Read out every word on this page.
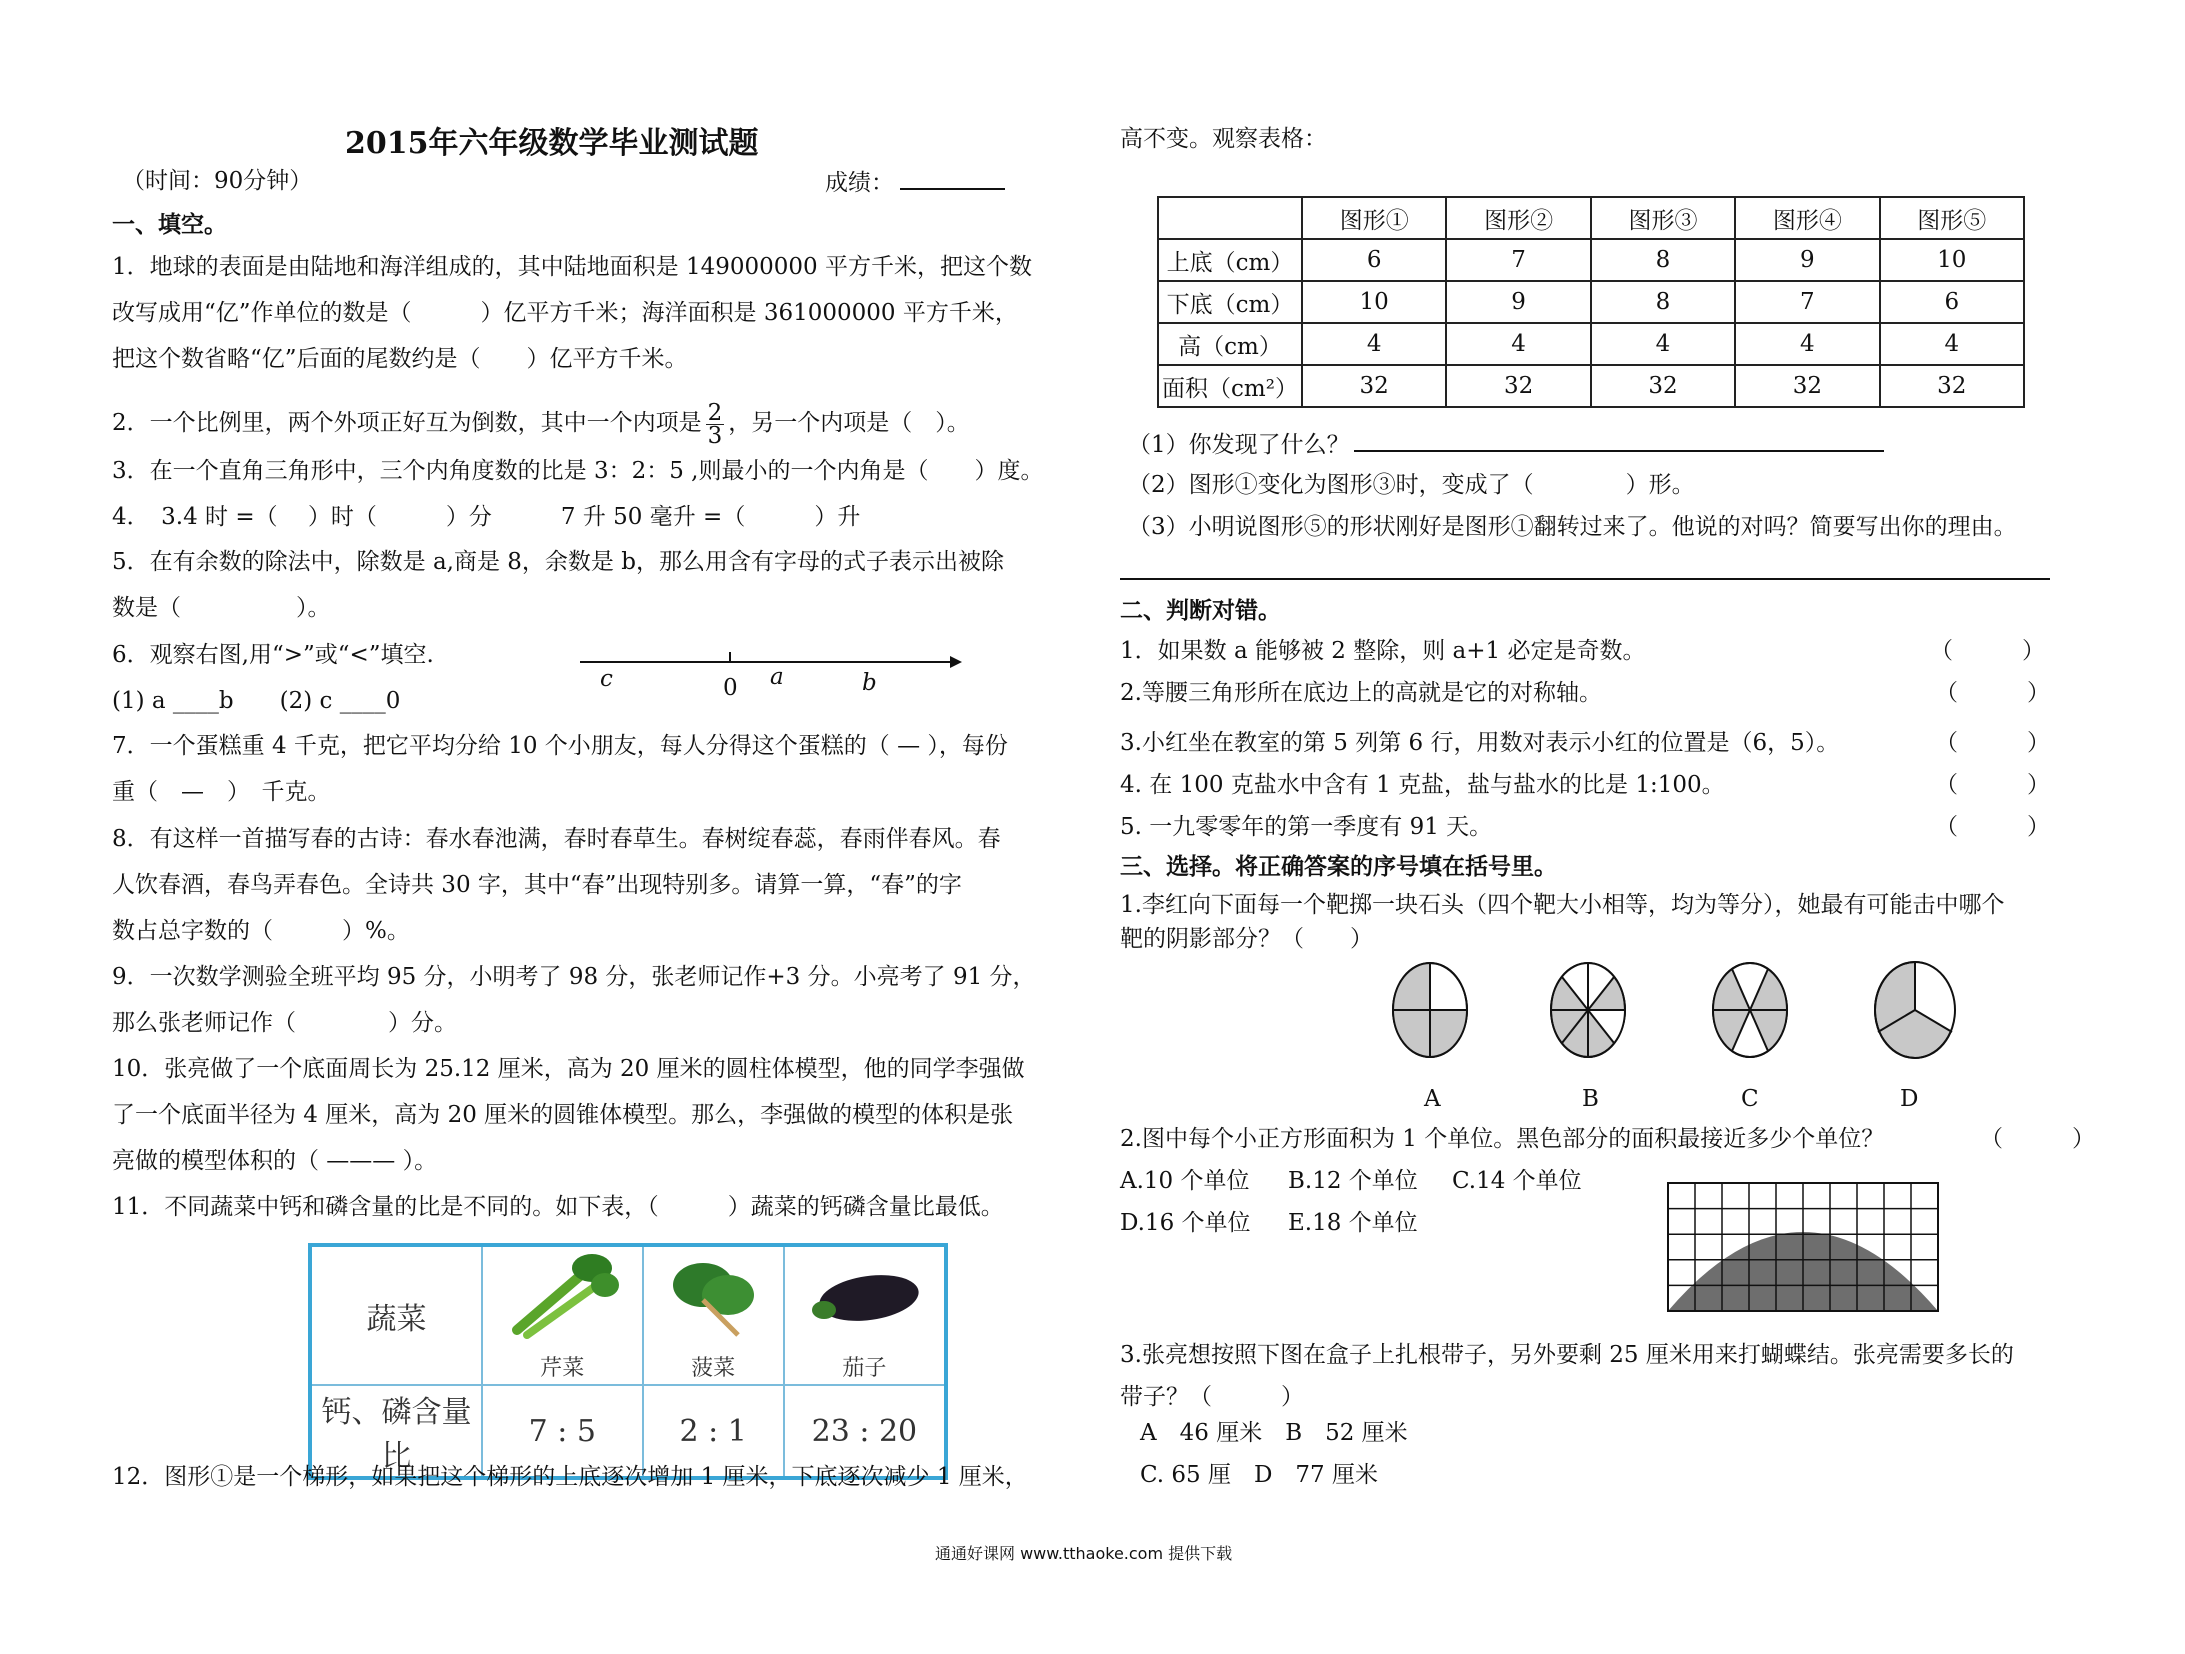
2015年六年级数学毕业测试题
（时间：90分钟）	成绩：
一、填空。
1．地球的表面是由陆地和海洋组成的，其中陆地面积是 149000000 平方千米，把这个数
改写成用“亿”作单位的数是（　　　）亿平方千米；海洋面积是 361000000 平方千米，
把这个数省略“亿”后面的尾数约是（　　）亿平方千米。
2．一个比例里，两个外项正好互为倒数，其中一个内项是 $\frac{2}{3}$ ，另一个内项是（　）。
3．在一个直角三角形中，三个内角度数的比是 3：2：5 ,则最小的一个内角是（　　）度。
4．　3.4 时 =（　 ）时（　　　）分　　　7 升 50 毫升 =（　　　）升
5．在有余数的除法中，除数是 a,商是 8，余数是 b，那么用含有字母的式子表示出被除
数是（　　　　　）。
6．观察右图,用“>”或“<”填空.
(1) a ____b　　(2) c ____0
c	0 a	b
7．一个蛋糕重 4 千克，把它平均分给 10 个小朋友，每人分得这个蛋糕的（ — ），每份
重（　—　）　千克。
8．有这样一首描写春的古诗：春水春池满，春时春草生。春树绽春蕊，春雨伴春风。春
人饮春酒，春鸟弄春色。全诗共 30 字，其中“春”出现特别多。请算一算，“春”的字
数占总字数的（　　　）%。
9．一次数学测验全班平均 95 分，小明考了 98 分，张老师记作+3 分。小亮考了 91 分，
那么张老师记作（　　　　）分。
10．张亮做了一个底面周长为 25.12 厘米，高为 20 厘米的圆柱体模型，他的同学李强做
了一个底面半径为 4 厘米，高为 20 厘米的圆锥体模型。那么，李强做的模型的体积是张
亮做的模型体积的（ ——— ）。
11．不同蔬菜中钙和磷含量的比是不同的。如下表，（　　　）蔬菜的钙磷含量比最低。
蔬菜	芹菜	菠菜	茄子
钙、磷含量比	7 : 5	2 : 1	23 : 20
12．图形①是一个梯形，如果把这个梯形的上底逐次增加 1 厘米，下底逐次减少 1 厘米，
高不变。观察表格：
	图形①	图形②	图形③	图形④	图形⑤
上底（cm）	6	7	8	9	10
下底（cm）	10	9	8	7	6
高（cm）	4	4	4	4	4
面积（cm²）	32	32	32	32	32
（1）你发现了什么？
（2）图形①变化为图形③时，变成了（　　　　）形。
（3）小明说图形⑤的形状刚好是图形①翻转过来了。他说的对吗？简要写出你的理由。
二、判断对错。
1．如果数 a 能够被 2 整除，则 a+1 必定是奇数。	（　　　）
2.等腰三角形所在底边上的高就是它的对称轴。	（　　　）
3.小红坐在教室的第 5 列第 6 行，用数对表示小红的位置是（6，5）。	（　　　）
4. 在 100 克盐水中含有 1 克盐，盐与盐水的比是 1:100。	（　　　）
5. 一九零零年的第一季度有 91 天。	（　　　）
三、选择。将正确答案的序号填在括号里。
1.李红向下面每一个靶掷一块石头（四个靶大小相等，均为等分），她最有可能击中哪个
靶的阴影部分？（　　）
A	B	C	D
2.图中每个小正方形面积为 1 个单位。黑色部分的面积最接近多少个单位？	（　　　）
A.10 个单位 B.12 个单位 C.14 个单位
D.16 个单位 E.18 个单位
3.张亮想按照下图在盒子上扎根带子，另外要剩 25 厘米用来打蝴蝶结。张亮需要多长的
带子？（　　　）
A　46 厘米　B　52 厘米
C. 65 厘　D　77 厘米
通通好课网 www.tthaoke.com 提供下载
